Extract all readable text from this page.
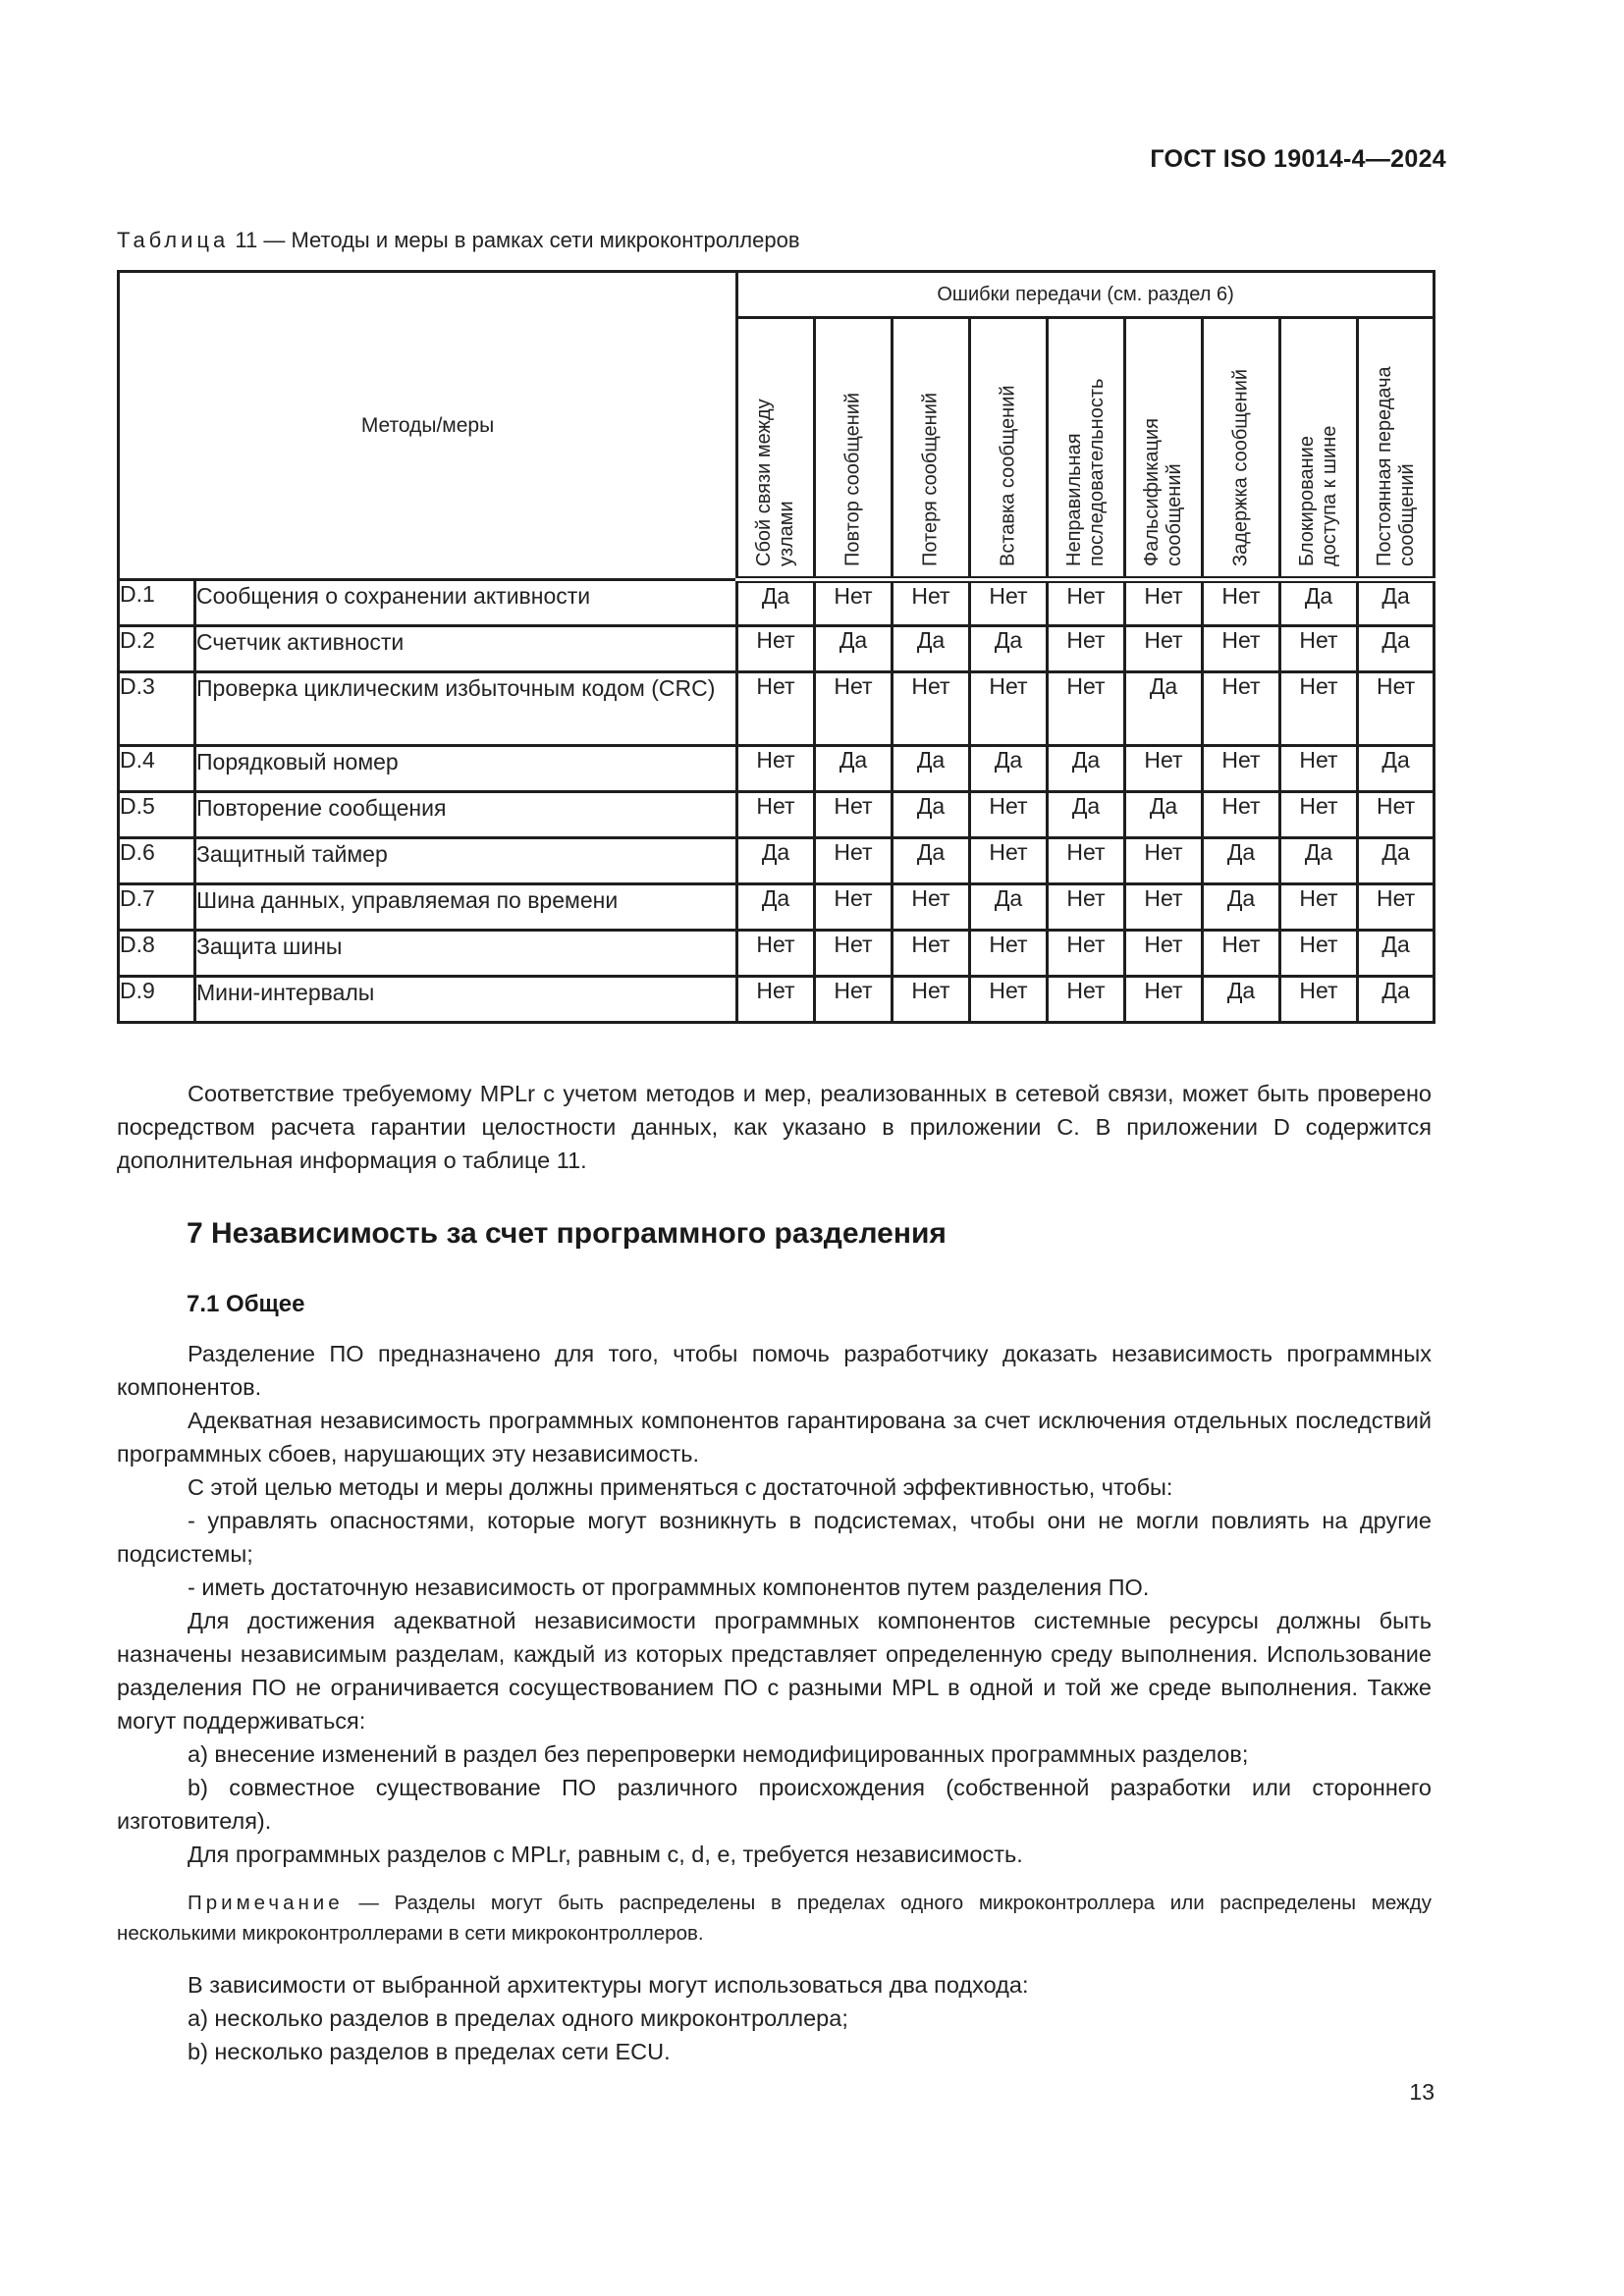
ГОСТ ISO 19014-4—2024
Таблица 11 — Методы и меры в рамках сети микроконтроллеров
Методы/меры		Ошибки передачи (см. раздел 6)								

Сбой связи между узлами	Повтор сообщений	Потеря сообщений	Вставка сообщений	Неправильная последовательность	Фальсификация сообщений	Задержка сообщений	Блокирование доступа к шине	Постоянная передача сообщений

D.1	Сообщения о сохранении активности	Да	Нет	Нет	Нет	Нет	Нет	Нет	Да	Да
D.2	Счетчик активности	Нет	Да	Да	Да	Нет	Нет	Нет	Нет	Да
D.3	Проверка циклическим избыточным кодом (CRC)	Нет	Нет	Нет	Нет	Нет	Да	Нет	Нет	Нет
D.4	Порядковый номер	Нет	Да	Да	Да	Да	Нет	Нет	Нет	Да
D.5	Повторение сообщения	Нет	Нет	Да	Нет	Да	Да	Нет	Нет	Нет
D.6	Защитный таймер	Да	Нет	Да	Нет	Нет	Нет	Да	Да	Да
D.7	Шина данных, управляемая по времени	Да	Нет	Нет	Да	Нет	Нет	Да	Нет	Нет
D.8	Защита шины	Нет	Нет	Нет	Нет	Нет	Нет	Нет	Нет	Да
D.9	Мини-интервалы	Нет	Нет	Нет	Нет	Нет	Нет	Да	Нет	Да
Соответствие требуемому MPLr с учетом методов и мер, реализованных в сетевой связи, может быть проверено посредством расчета гарантии целостности данных, как указано в приложении С. В приложении D содержится дополнительная информация о таблице 11.
7 Независимость за счет программного разделения
7.1 Общее
Разделение ПО предназначено для того, чтобы помочь разработчику доказать независимость программных компонентов.
Адекватная независимость программных компонентов гарантирована за счет исключения отдельных последствий программных сбоев, нарушающих эту независимость.
С этой целью методы и меры должны применяться с достаточной эффективностью, чтобы:
- управлять опасностями, которые могут возникнуть в подсистемах, чтобы они не могли повлиять на другие подсистемы;
- иметь достаточную независимость от программных компонентов путем разделения ПО.
Для достижения адекватной независимости программных компонентов системные ресурсы должны быть назначены независимым разделам, каждый из которых представляет определенную среду выполнения. Использование разделения ПО не ограничивается сосуществованием ПО с разными MPL в одной и той же среде выполнения. Также могут поддерживаться:
a) внесение изменений в раздел без перепроверки немодифицированных программных разделов;
b) совместное существование ПО различного происхождения (собственной разработки или стороннего изготовителя).
Для программных разделов с MPLr, равным c, d, e, требуется независимость.
Примечание — Разделы могут быть распределены в пределах одного микроконтроллера или распределены между несколькими микроконтроллерами в сети микроконтроллеров.
В зависимости от выбранной архитектуры могут использоваться два подхода:
a) несколько разделов в пределах одного микроконтроллера;
b) несколько разделов в пределах сети ECU.
13
